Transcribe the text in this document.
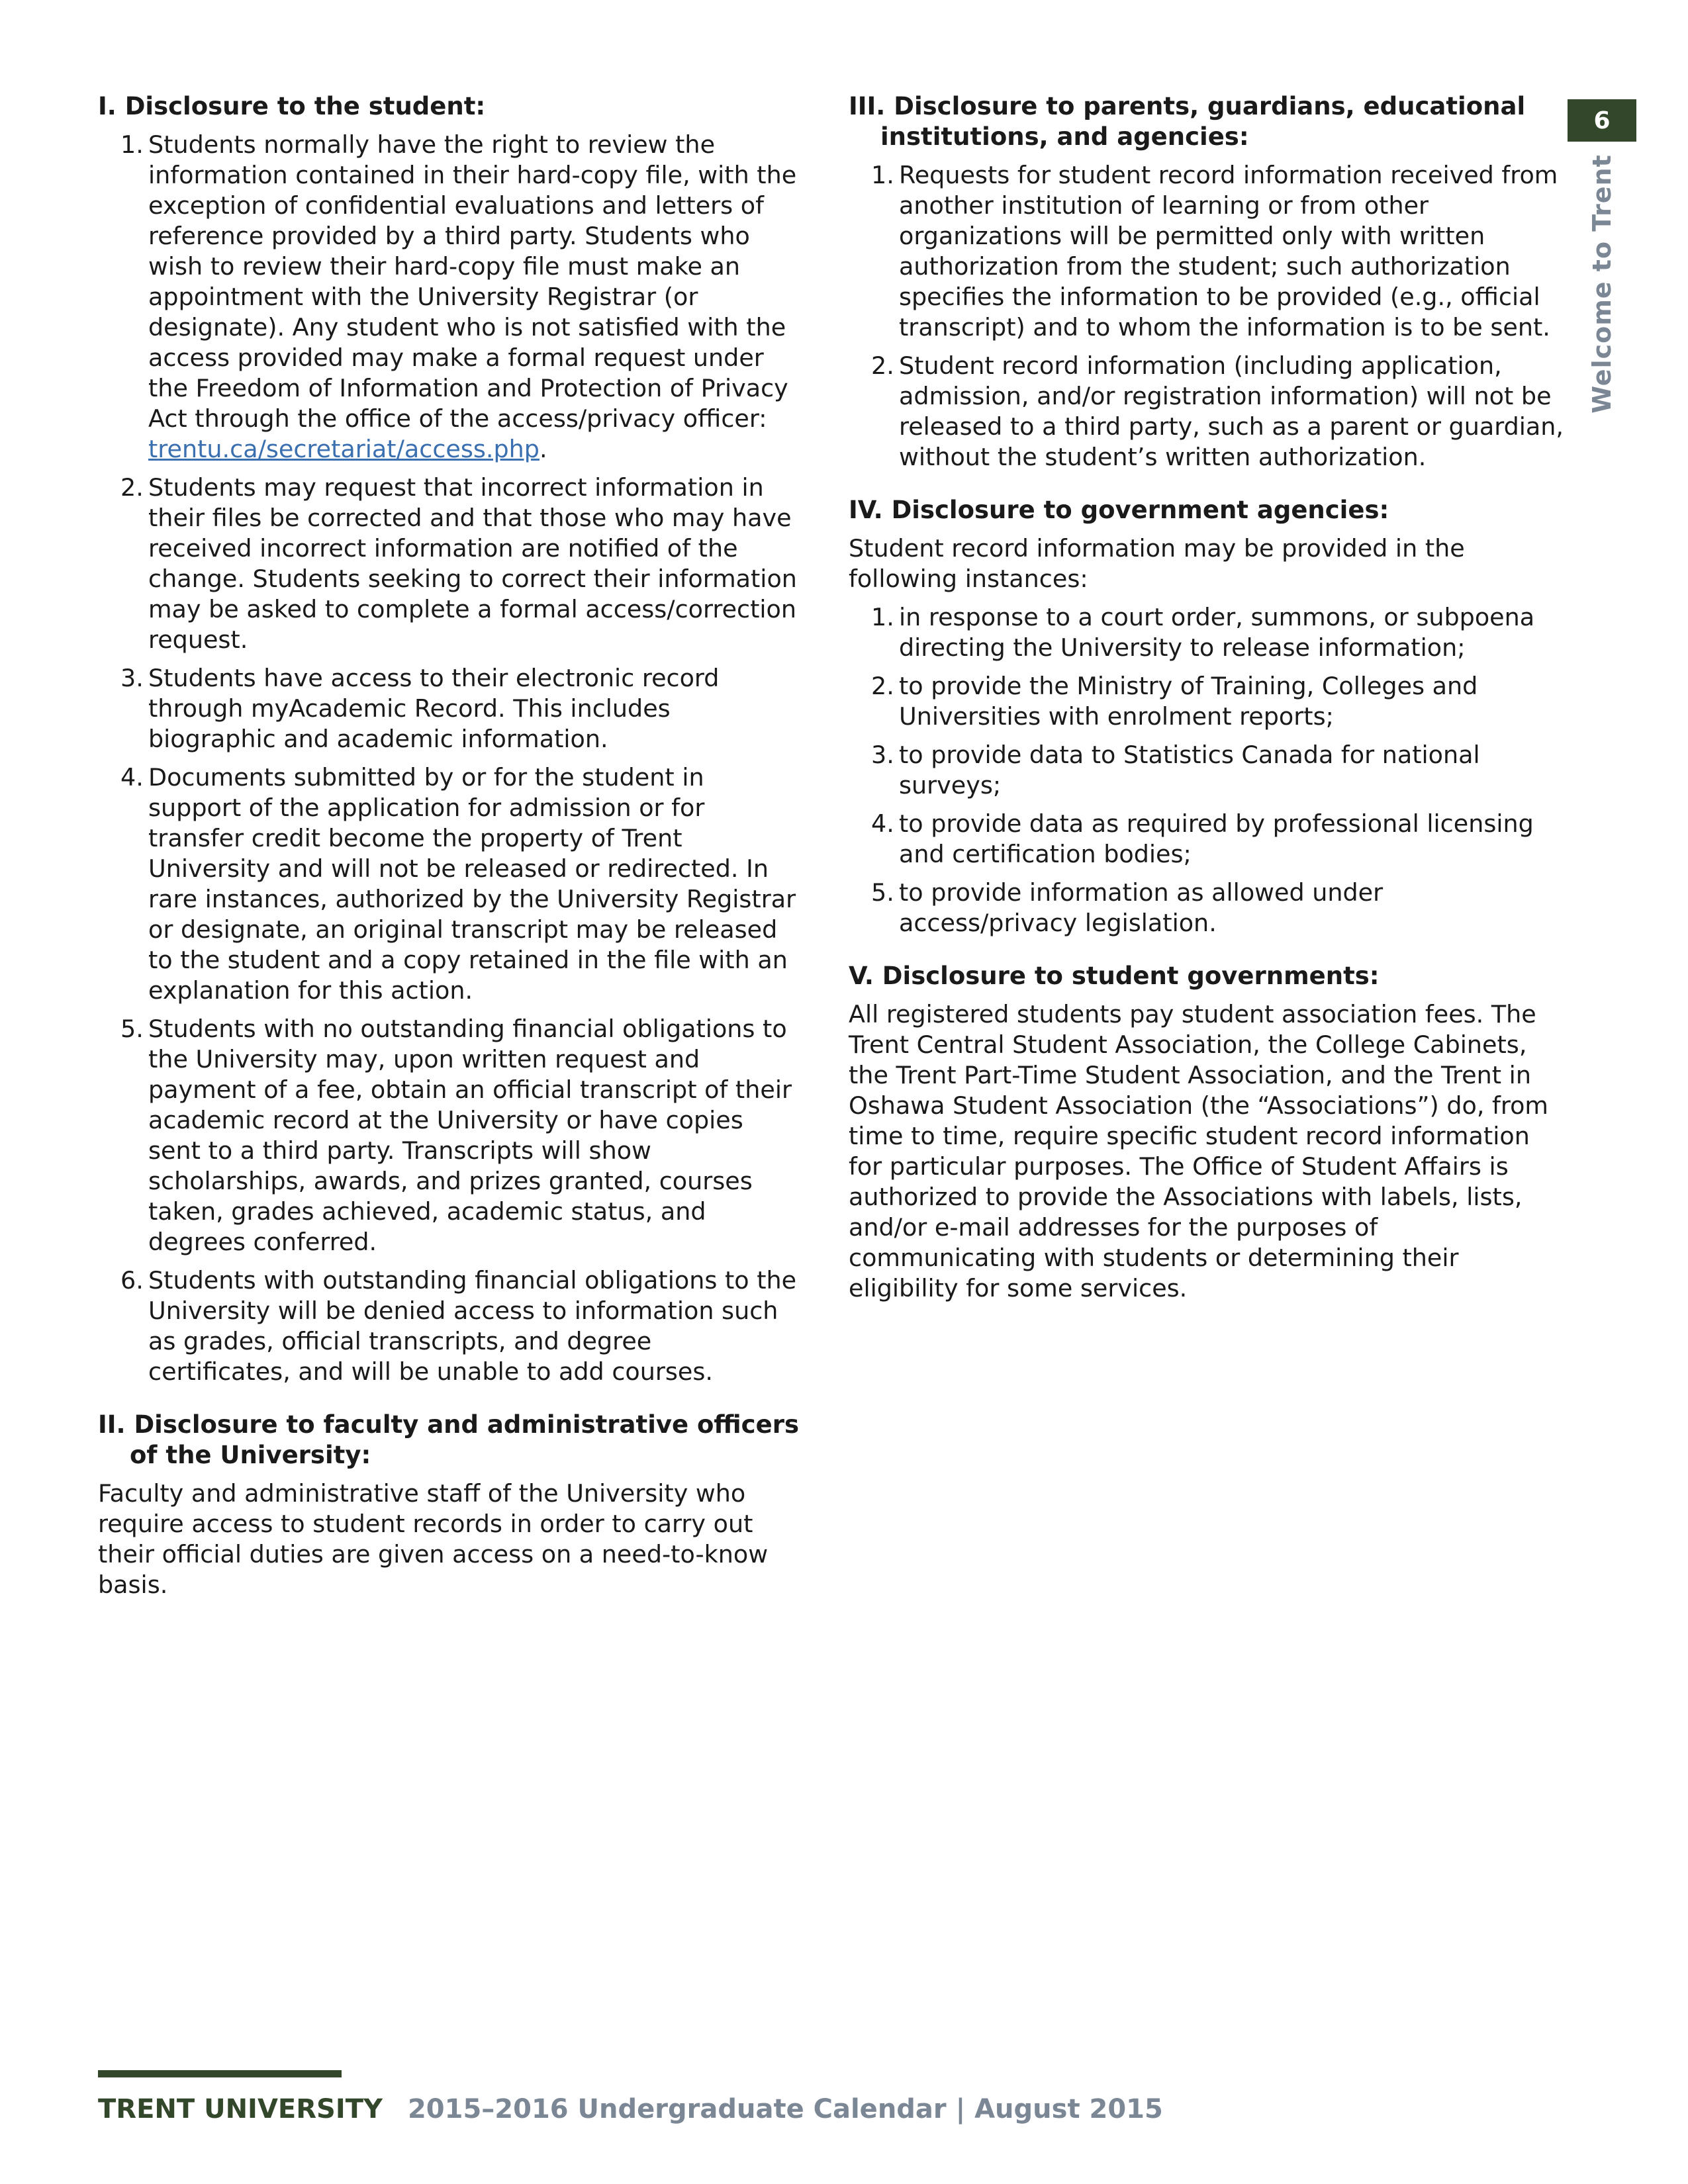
I. Disclosure to the student:
1. Students normally have the right to review the information contained in their hard-copy file, with the exception of confidential evaluations and letters of reference provided by a third party. Students who wish to review their hard-copy file must make an appointment with the University Registrar (or designate). Any student who is not satisfied with the access provided may make a formal request under the Freedom of Information and Protection of Privacy Act through the office of the access/privacy officer: trentu.ca/secretariat/access.php.
2. Students may request that incorrect information in their files be corrected and that those who may have received incorrect information are notified of the change. Students seeking to correct their information may be asked to complete a formal access/correction request.
3. Students have access to their electronic record through myAcademic Record. This includes biographic and academic information.
4. Documents submitted by or for the student in support of the application for admission or for transfer credit become the property of Trent University and will not be released or redirected. In rare instances, authorized by the University Registrar or designate, an original transcript may be released to the student and a copy retained in the file with an explanation for this action.
5. Students with no outstanding financial obligations to the University may, upon written request and payment of a fee, obtain an official transcript of their academic record at the University or have copies sent to a third party. Transcripts will show scholarships, awards, and prizes granted, courses taken, grades achieved, academic status, and degrees conferred.
6. Students with outstanding financial obligations to the University will be denied access to information such as grades, official transcripts, and degree certificates, and will be unable to add courses.
II. Disclosure to faculty and administrative officers of the University:

Faculty and administrative staff of the University who require access to student records in order to carry out their official duties are given access on a need-to-know basis.

III. Disclosure to parents, guardians, educational institutions, and agencies:
1. Requests for student record information received from another institution of learning or from other organizations will be permitted only with written authorization from the student; such authorization specifies the information to be provided (e.g., official transcript) and to whom the information is to be sent.
2. Student record information (including application, admission, and/or registration information) will not be released to a third party, such as a parent or guardian, without the student’s written authorization.
IV. Disclosure to government agencies:

Student record information may be provided in the following instances:

1. in response to a court order, summons, or subpoena directing the University to release information;
2. to provide the Ministry of Training, Colleges and Universities with enrolment reports;
3. to provide data to Statistics Canada for national surveys;
4. to provide data as required by professional licensing and certification bodies;
5. to provide information as allowed under access/privacy legislation.
V. Disclosure to student governments:

All registered students pay student association fees. The Trent Central Student Association, the College Cabinets, the Trent Part-Time Student Association, and the Trent in Oshawa Student Association (the “Associations”) do, from time to time, require specific student record information for particular purposes. The Office of Student Affairs is authorized to provide the Associations with labels, lists, and/or e-mail addresses for the purposes of communicating with students or determining their eligibility for some services.

6
Welcome to Trent
TRENT UNIVERSITY 2015–2016 Undergraduate Calendar | August 2015
